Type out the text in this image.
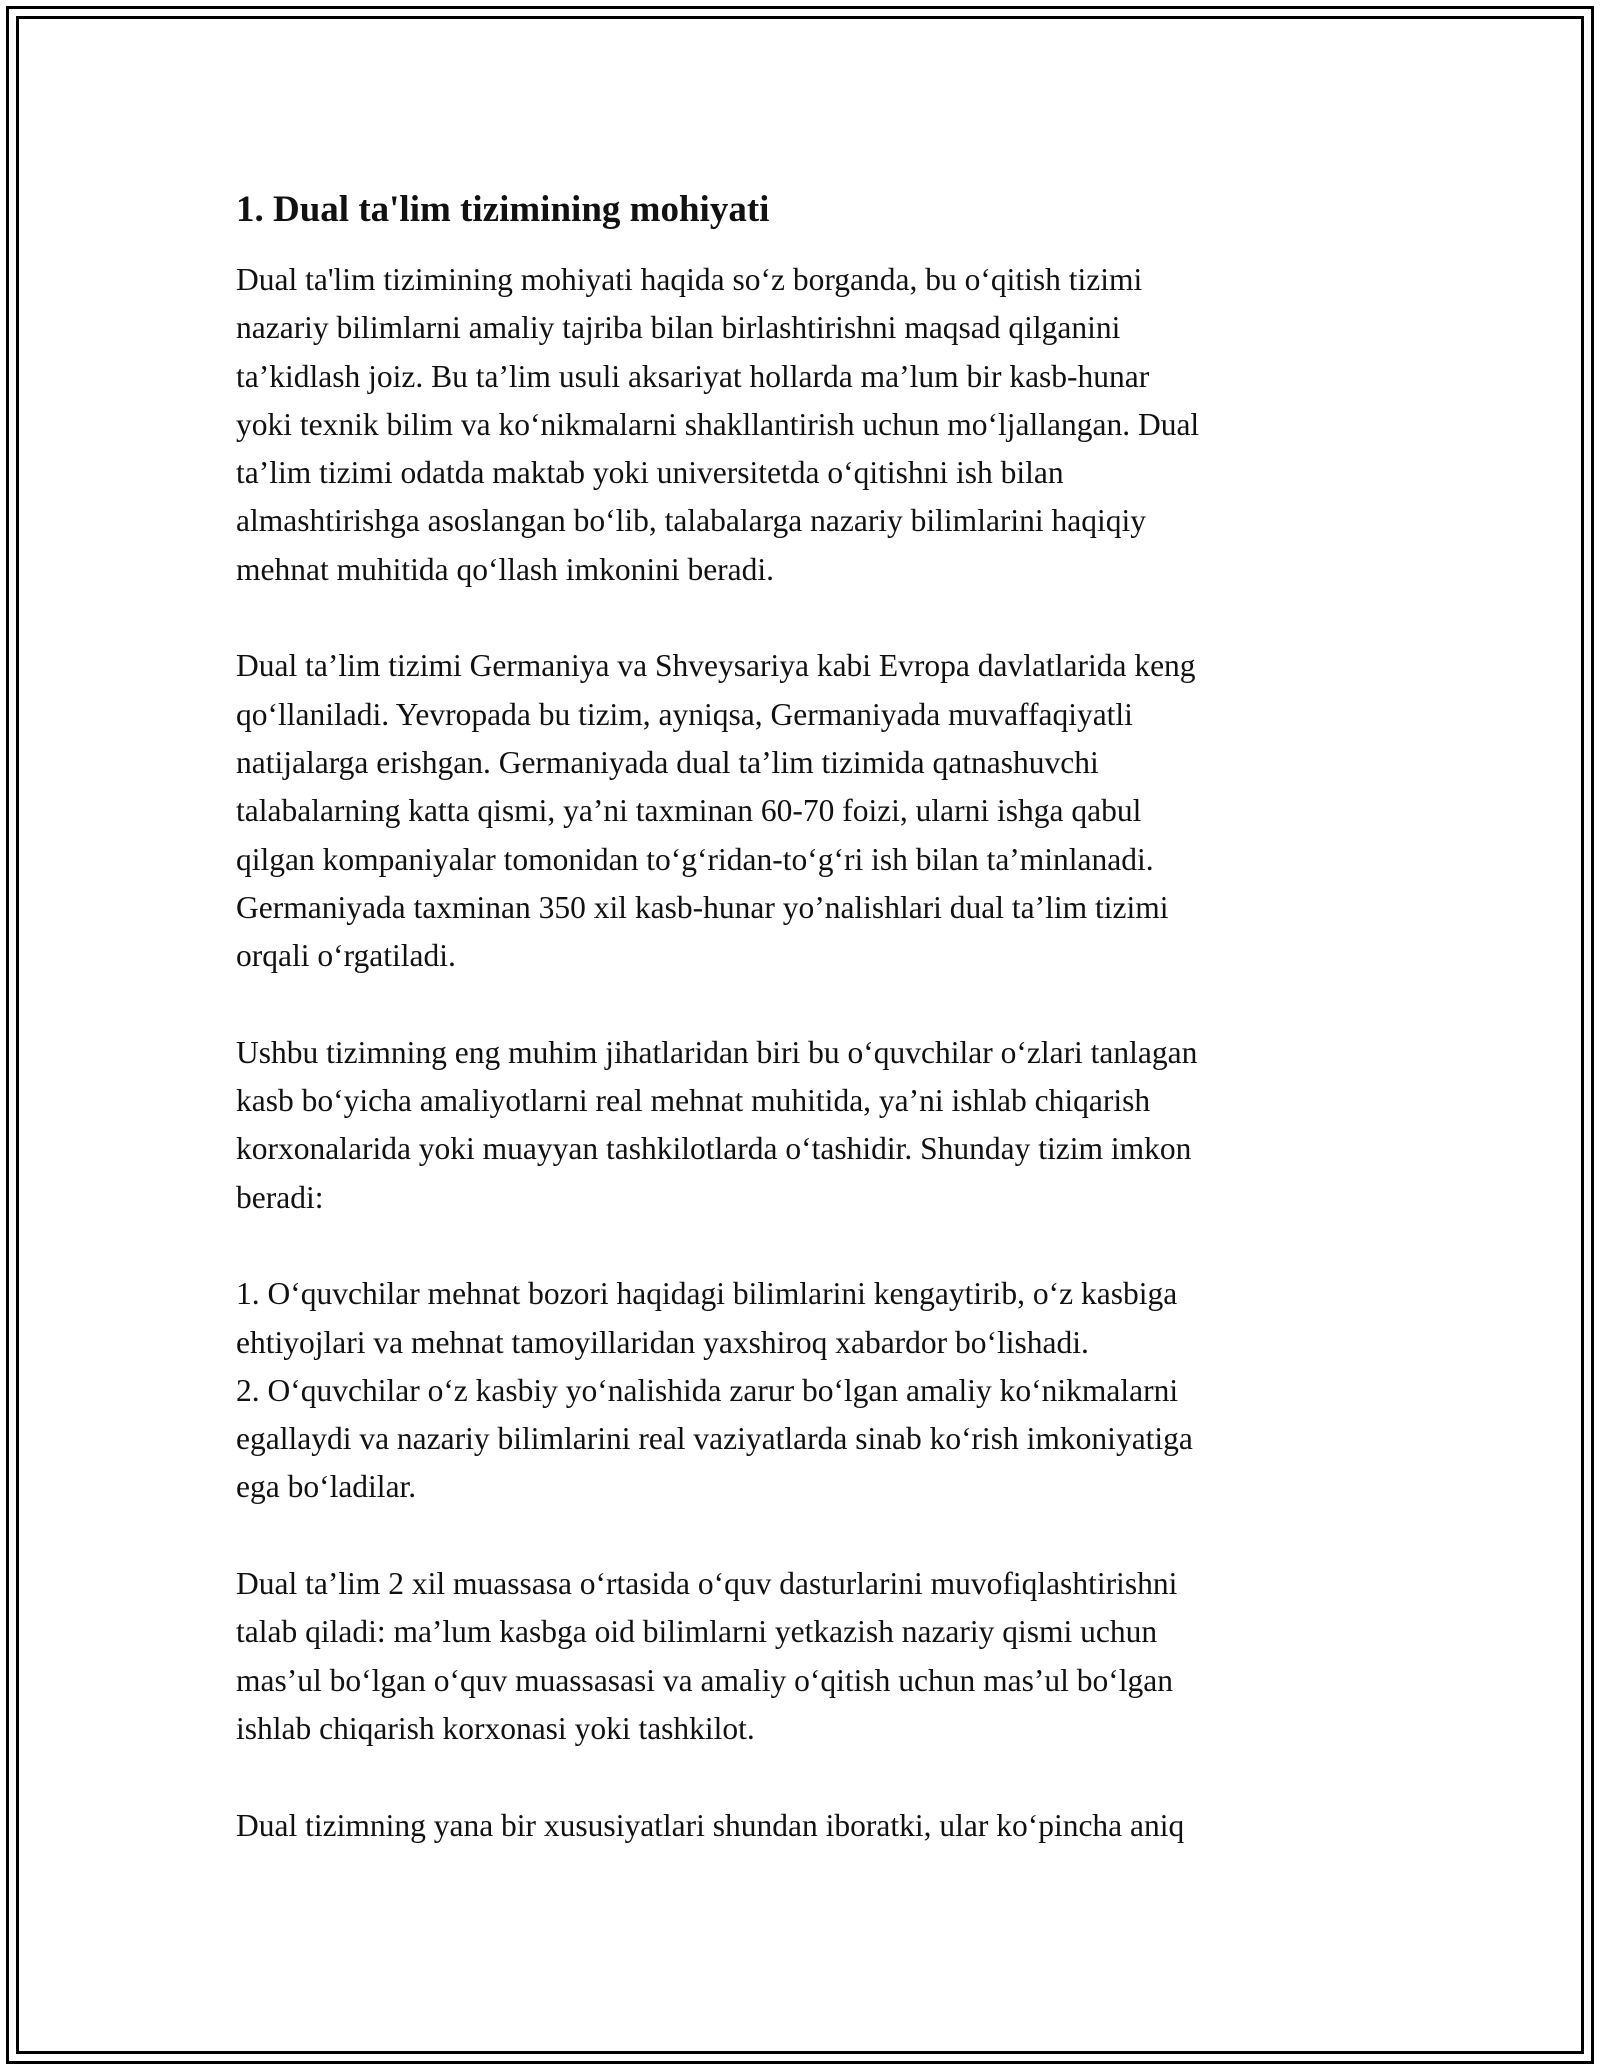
1. Dual ta'lim tizimining mohiyati
Dual ta'lim tizimining mohiyati haqida so‘z borganda, bu o‘qitish tizimi
nazariy bilimlarni amaliy tajriba bilan birlashtirishni maqsad qilganini
ta’kidlash joiz. Bu ta’lim usuli aksariyat hollarda ma’lum bir kasb-hunar
yoki texnik bilim va ko‘nikmalarni shakllantirish uchun mo‘ljallangan. Dual
ta’lim tizimi odatda maktab yoki universitetda o‘qitishni ish bilan
almashtirishga asoslangan bo‘lib, talabalarga nazariy bilimlarini haqiqiy
mehnat muhitida qo‘llash imkonini beradi.
Dual ta’lim tizimi Germaniya va Shveysariya kabi Evropa davlatlarida keng
qo‘llaniladi. Yevropada bu tizim, ayniqsa, Germaniyada muvaffaqiyatli
natijalarga erishgan. Germaniyada dual ta’lim tizimida qatnashuvchi
talabalarning katta qismi, ya’ni taxminan 60-70 foizi, ularni ishga qabul
qilgan kompaniyalar tomonidan to‘g‘ridan-to‘g‘ri ish bilan ta’minlanadi.
Germaniyada taxminan 350 xil kasb-hunar yo’nalishlari dual ta’lim tizimi
orqali o‘rgatiladi.
Ushbu tizimning eng muhim jihatlaridan biri bu o‘quvchilar o‘zlari tanlagan
kasb bo‘yicha amaliyotlarni real mehnat muhitida, ya’ni ishlab chiqarish
korxonalarida yoki muayyan tashkilotlarda o‘tashidir. Shunday tizim imkon
beradi:
1. O‘quvchilar mehnat bozori haqidagi bilimlarini kengaytirib, o‘z kasbiga
ehtiyojlari va mehnat tamoyillaridan yaxshiroq xabardor bo‘lishadi.
2. O‘quvchilar o‘z kasbiy yo‘nalishida zarur bo‘lgan amaliy ko‘nikmalarni
egallaydi va nazariy bilimlarini real vaziyatlarda sinab ko‘rish imkoniyatiga
ega bo‘ladilar.
Dual ta’lim 2 xil muassasa o‘rtasida o‘quv dasturlarini muvofiqlashtirishni
talab qiladi: ma’lum kasbga oid bilimlarni yetkazish nazariy qismi uchun
mas’ul bo‘lgan o‘quv muassasasi va amaliy o‘qitish uchun mas’ul bo‘lgan
ishlab chiqarish korxonasi yoki tashkilot.
Dual tizimning yana bir xususiyatlari shundan iboratki, ular ko‘pincha aniq
